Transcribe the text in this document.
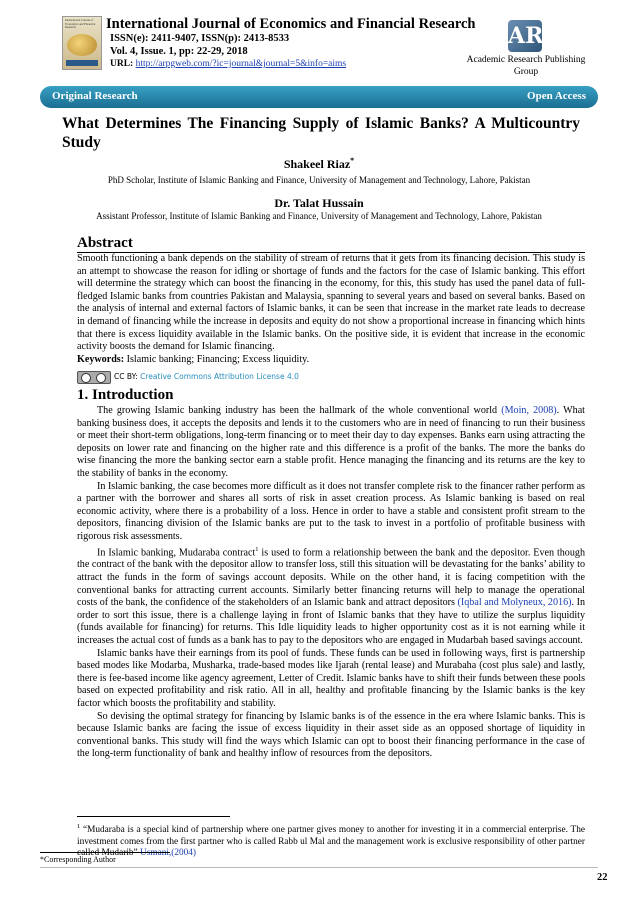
International Journal of Economics and Financial Research	International Journal of Economics and Financial Research
ISSN(e): 2411-9407, ISSN(p): 2413-8533
Vol. 4, Issue. 1, pp: 22-29, 2018
URL: http://arpgweb.com/?ic=journal&journal=5&info=aims
AR
Academic Research Publishing Group
Original Research	Open Access
What Determines The Financing Supply of Islamic Banks? A Multicountry Study
Shakeel Riaz*
PhD Scholar, Institute of Islamic Banking and Finance, University of Management and Technology, Lahore, Pakistan
Dr. Talat Hussain
Assistant Professor, Institute of Islamic Banking and Finance, University of Management and Technology, Lahore, Pakistan
Abstract

Smooth functioning a bank depends on the stability of stream of returns that it gets from its financing decision. This study is an attempt to showcase the reason for idling or shortage of funds and the factors for the case of Islamic banking. This effort will determine the strategy which can boost the financing in the economy, for this, this study has used the panel data of full-fledged Islamic banks from countries Pakistan and Malaysia, spanning to several years and based on several banks. Based on the analysis of internal and external factors of Islamic banks, it can be seen that increase in the market rate leads to decrease in demand of financing while the increase in deposits and equity do not show a proportional increase in financing which hints that there is excess liquidity available in the Islamic banks. On the positive side, it is evident that increase in the economic activity boosts the demand for Islamic financing.

Keywords: Islamic banking; Financing; Excess liquidity.

CC BY: Creative Commons Attribution License 4.0
1. Introduction

The growing Islamic banking industry has been the hallmark of the whole conventional world (Moin, 2008). What banking business does, it accepts the deposits and lends it to the customers who are in need of financing to run their business or meet their short-term obligations, long-term financing or to meet their day to day expenses. Banks earn using attracting the deposits on lower rate and financing on the higher rate and this difference is a profit of the banks. The more the banks do wise financing the more the banking sector earn a stable profit. Hence managing the financing and its returns are the key to the stability of banks in the economy.

In Islamic banking, the case becomes more difficult as it does not transfer complete risk to the financer rather perform as a partner with the borrower and shares all sorts of risk in asset creation process. As Islamic banking is based on real economic activity, where there is a probability of a loss. Hence in order to have a stable and consistent profit stream to the depositors, financing division of the Islamic banks are put to the task to invest in a portfolio of profitable business with rigorous risk assessments.

In Islamic banking, Mudaraba contract$^1$ is used to form a relationship between the bank and the depositor. Even though the contract of the bank with the depositor allow to transfer loss, still this situation will be devastating for the banks’ ability to attract the funds in the form of savings account deposits. While on the other hand, it is facing competition with the conventional banks for attracting current accounts. Similarly better financing returns will help to manage the operational costs of the bank, the confidence of the stakeholders of an Islamic bank and attract depositors (Iqbal and Molyneux, 2016). In order to sort this issue, there is a challenge laying in front of Islamic banks that they have to utilize the surplus liquidity (funds available for financing) for returns. This Idle liquidity leads to higher opportunity cost as it is not earning while it increases the actual cost of funds as a bank has to pay to the depositors who are engaged in Mudarbah based savings account.

Islamic banks have their earnings from its pool of funds. These funds can be used in following ways, first is partnership based modes like Modarba, Musharka, trade-based modes like Ijarah (rental lease) and Murabaha (cost plus sale) and lastly, there is fee-based income like agency agreement, Letter of Credit. Islamic banks have to shift their funds between these pools based on expected profitability and risk ratio. All in all, healthy and profitable financing by the Islamic banks is the key factor which boosts the profitability and stability.

So devising the optimal strategy for financing by Islamic banks is of the essence in the era where Islamic banks. This is because Islamic banks are facing the issue of excess liquidity in their asset side as an opposed shortage of liquidity in conventional banks. This study will find the ways which Islamic can opt to boost their financing performance in the case of the long-term functionality of bank and healthy inflow of resources from the depositors.

$^1$ “Mudaraba is a special kind of partnership where one partner gives money to another for investing it in a commercial enterprise. The investment comes from the first partner who is called Rabb ul Mal and the management work is exclusive responsibility of other partner called Mudarib” Usmani,(2004)
*Corresponding Author
22
